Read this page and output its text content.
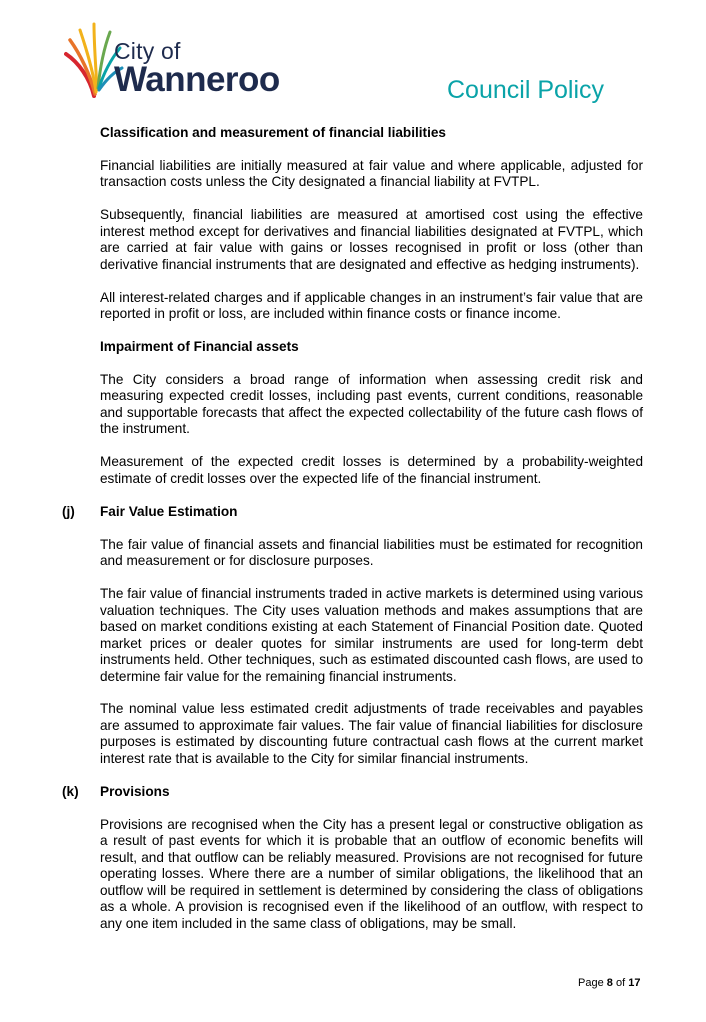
City of
Wanneroo	Council Policy
Classification and measurement of financial liabilities

Financial liabilities are initially measured at fair value and where applicable, adjusted for transaction costs unless the City designated a financial liability at FVTPL.

Subsequently, financial liabilities are measured at amortised cost using the effective interest method except for derivatives and financial liabilities designated at FVTPL, which are carried at fair value with gains or losses recognised in profit or loss (other than derivative financial instruments that are designated and effective as hedging instruments).

All interest-related charges and if applicable changes in an instrument’s fair value that are reported in profit or loss, are included within finance costs or finance income.

Impairment of Financial assets

The City considers a broad range of information when assessing credit risk and measuring expected credit losses, including past events, current conditions, reasonable and supportable forecasts that affect the expected collectability of the future cash flows of the instrument.

Measurement of the expected credit losses is determined by a probability-weighted estimate of credit losses over the expected life of the financial instrument.

(j) Fair Value Estimation

The fair value of financial assets and financial liabilities must be estimated for recognition and measurement or for disclosure purposes.

The fair value of financial instruments traded in active markets is determined using various valuation techniques. The City uses valuation methods and makes assumptions that are based on market conditions existing at each Statement of Financial Position date. Quoted market prices or dealer quotes for similar instruments are used for long-term debt instruments held. Other techniques, such as estimated discounted cash flows, are used to determine fair value for the remaining financial instruments.

The nominal value less estimated credit adjustments of trade receivables and payables are assumed to approximate fair values. The fair value of financial liabilities for disclosure purposes is estimated by discounting future contractual cash flows at the current market interest rate that is available to the City for similar financial instruments.

(k) Provisions

Provisions are recognised when the City has a present legal or constructive obligation as a result of past events for which it is probable that an outflow of economic benefits will result, and that outflow can be reliably measured. Provisions are not recognised for future operating losses. Where there are a number of similar obligations, the likelihood that an outflow will be required in settlement is determined by considering the class of obligations as a whole. A provision is recognised even if the likelihood of an outflow, with respect to any one item included in the same class of obligations, may be small.

Page 8 of 17
